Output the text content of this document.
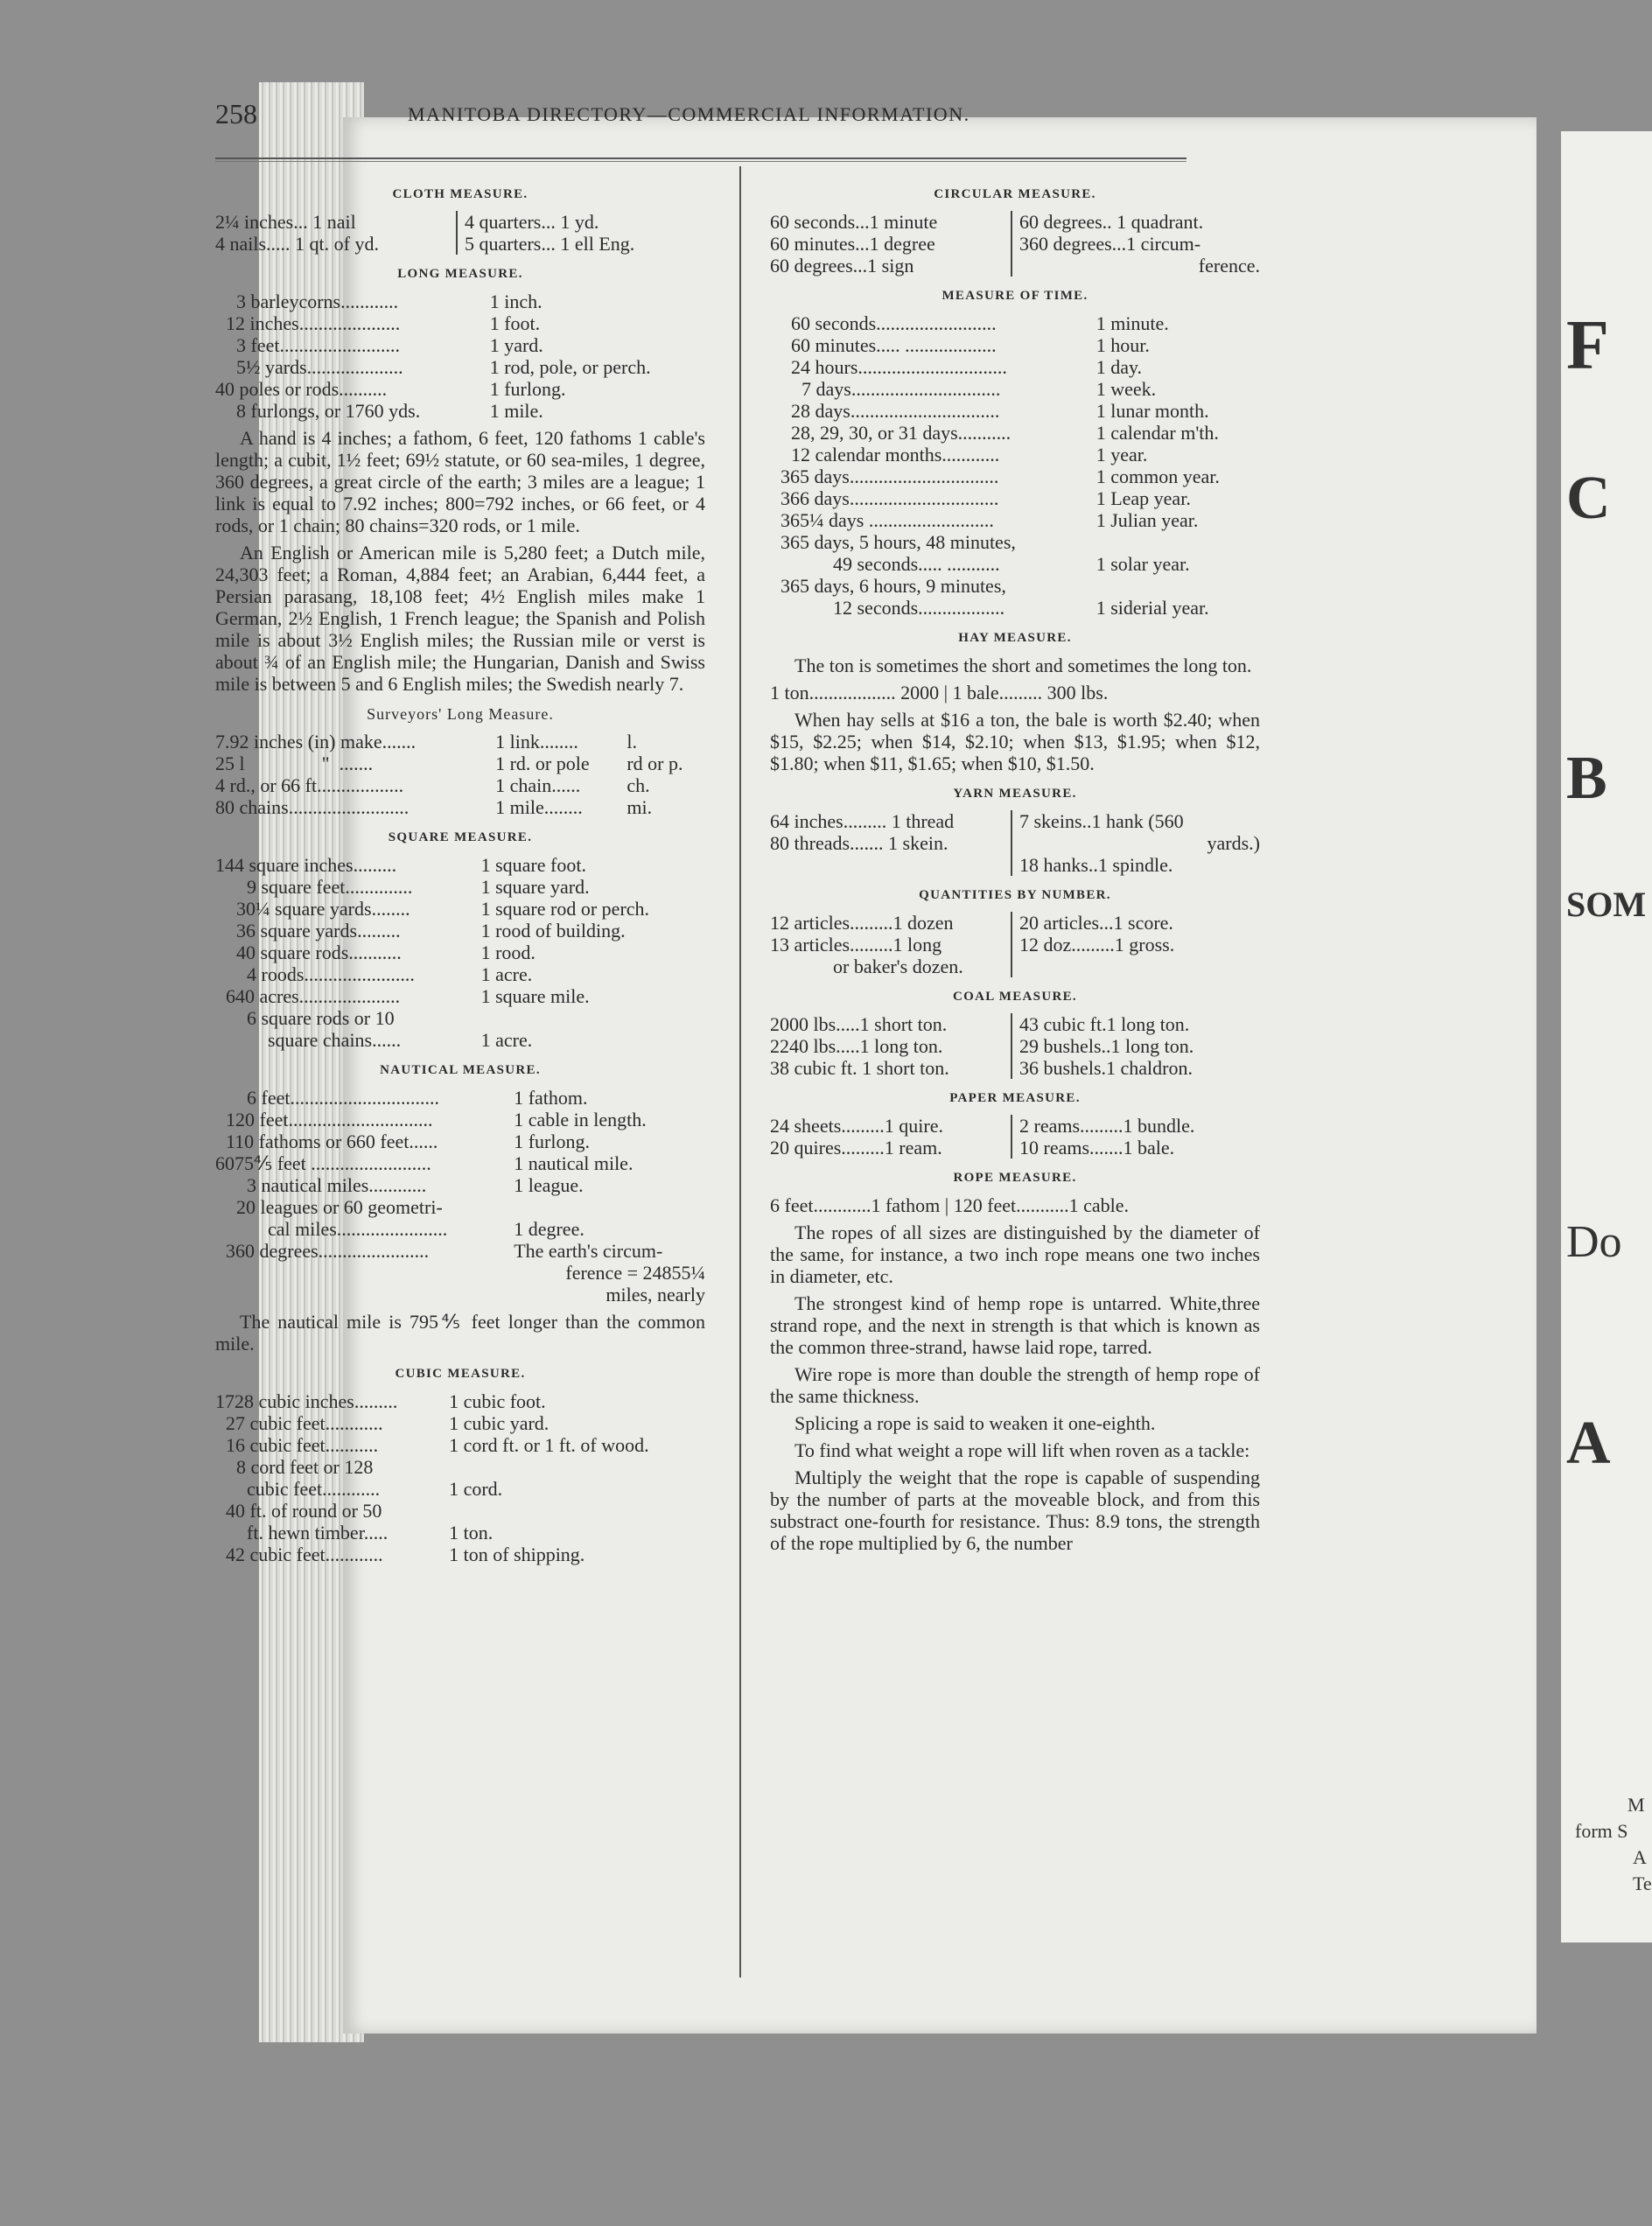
F
C
B
SOM
Do
A
M
form S
A
Te
258	MANITOBA DIRECTORY—COMMERCIAL INFORMATION.
CLOTH MEASURE.
2¼ inches... 1 nail
4 nails..... 1 qt. of yd.
4 quarters... 1 yd.
5 quarters... 1 ell Eng.
LONG MEASURE.
3 barleycorns............	1 inch.
12 inches.....................	1 foot.
3 feet.........................	1 yard.
5½ yards....................	1 rod, pole, or perch.
40 poles or rods..........	1 furlong.
8 furlongs, or 1760 yds.	1 mile.
A hand is 4 inches; a fathom, 6 feet, 120 fathoms 1 cable's length; a cubit, 1½ feet; 69½ statute, or 60 sea-miles, 1 degree, 360 degrees, a great circle of the earth; 3 miles are a league; 1 link is equal to 7.92 inches; 800=792 inches, or 66 feet, or 4 rods, or 1 chain; 80 chains=320 rods, or 1 mile.
An English or American mile is 5,280 feet; a Dutch mile, 24,303 feet; a Roman, 4,884 feet; an Arabian, 6,444 feet, a Persian parasang, 18,108 feet; 4½ English miles make 1 German, 2½ English, 1 French league; the Spanish and Polish mile is about 3½ English miles; the Russian mile or verst is about ¾ of an English mile; the Hungarian, Danish and Swiss mile is between 5 and 6 English miles; the Swedish nearly 7.
Surveyors' Long Measure.
7.92 inches (in) make.......	1 link........	l.
25 l                "  .......	1 rd. or pole	rd or p.
4 rd., or 66 ft..................	1 chain......	ch.
80 chains.........................	1 mile........	mi.
SQUARE MEASURE.
144 square inches.........	1 square foot.
9 square feet..............	1 square yard.
30¼ square yards........	1 square rod or perch.
36 square yards.........	1 rood of building.
40 square rods...........	1 rood.
4 roods.......................	1 acre.
640 acres.....................	1 square mile.
6 square rods or 10	
square chains......	1 acre.
NAUTICAL MEASURE.
6 feet...............................	1 fathom.
120 feet..............................	1 cable in length.
110 fathoms or 660 feet......	1 furlong.
6075⅘ feet .........................	1 nautical mile.
3 nautical miles............	1 league.
20 leagues or 60 geometri-	
cal miles.......................	1 degree.
360 degrees.......................	The earth's circum-
	ference = 24855¼
	miles, nearly
The nautical mile is 795⅘ feet longer than the common mile.
CUBIC MEASURE.
1728 cubic inches.........	1 cubic foot.
27 cubic feet............	1 cubic yard.
16 cubic feet...........	1 cord ft. or 1 ft. of wood.
8 cord feet or 128	
cubic feet............	1 cord.
40 ft. of round or 50	
ft. hewn timber.....	1 ton.
42 cubic feet............	1 ton of shipping.
CIRCULAR MEASURE.
60 seconds...1 minute
60 minutes...1 degree
60 degrees...1 sign
60 degrees.. 1 quadrant.
360 degrees...1 circum-
ference.
MEASURE OF TIME.
60 seconds.........................	1 minute.
60 minutes..... ...................	1 hour.
24 hours...............................	1 day.
7 days...............................	1 week.
28 days...............................	1 lunar month.
28, 29, 30, or 31 days...........	1 calendar m'th.
12 calendar months............	1 year.
365 days...............................	1 common year.
366 days...............................	1 Leap year.
365¼ days ..........................	1 Julian year.
365 days, 5 hours, 48 minutes,	
49 seconds..... ...........	1 solar year.
365 days, 6 hours, 9 minutes,	
12 seconds..................	1 siderial year.
HAY MEASURE.
The ton is sometimes the short and sometimes the long ton.
1 ton.................. 2000 | 1 bale......... 300 lbs.
When hay sells at $16 a ton, the bale is worth $2.40; when $15, $2.25; when $14, $2.10; when $13, $1.95; when $12, $1.80; when $11, $1.65; when $10, $1.50.
YARN MEASURE.
64 inches......... 1 thread
80 threads....... 1 skein.
7 skeins..1 hank (560
yards.)
18 hanks..1 spindle.
QUANTITIES BY NUMBER.
12 articles.........1 dozen
13 articles.........1 long
or baker's dozen.
20 articles...1 score.
12 doz.........1 gross.
COAL MEASURE.
2000 lbs.....1 short ton.
2240 lbs.....1 long ton.
38 cubic ft. 1 short ton.
43 cubic ft.1 long ton.
29 bushels..1 long ton.
36 bushels.1 chaldron.
PAPER MEASURE.
24 sheets.........1 quire.
20 quires.........1 ream.
2 reams.........1 bundle.
10 reams.......1 bale.
ROPE MEASURE.
6 feet............1 fathom | 120 feet...........1 cable.
The ropes of all sizes are distinguished by the diameter of the same, for instance, a two inch rope means one two inches in diameter, etc.
The strongest kind of hemp rope is untarred. White,three strand rope, and the next in strength is that which is known as the common three-strand, hawse laid rope, tarred.
Wire rope is more than double the strength of hemp rope of the same thickness.
Splicing a rope is said to weaken it one-eighth.
To find what weight a rope will lift when roven as a tackle:
Multiply the weight that the rope is capable of suspending by the number of parts at the moveable block, and from this substract one-fourth for resistance. Thus: 8.9 tons, the strength of the rope multiplied by 6, the number
